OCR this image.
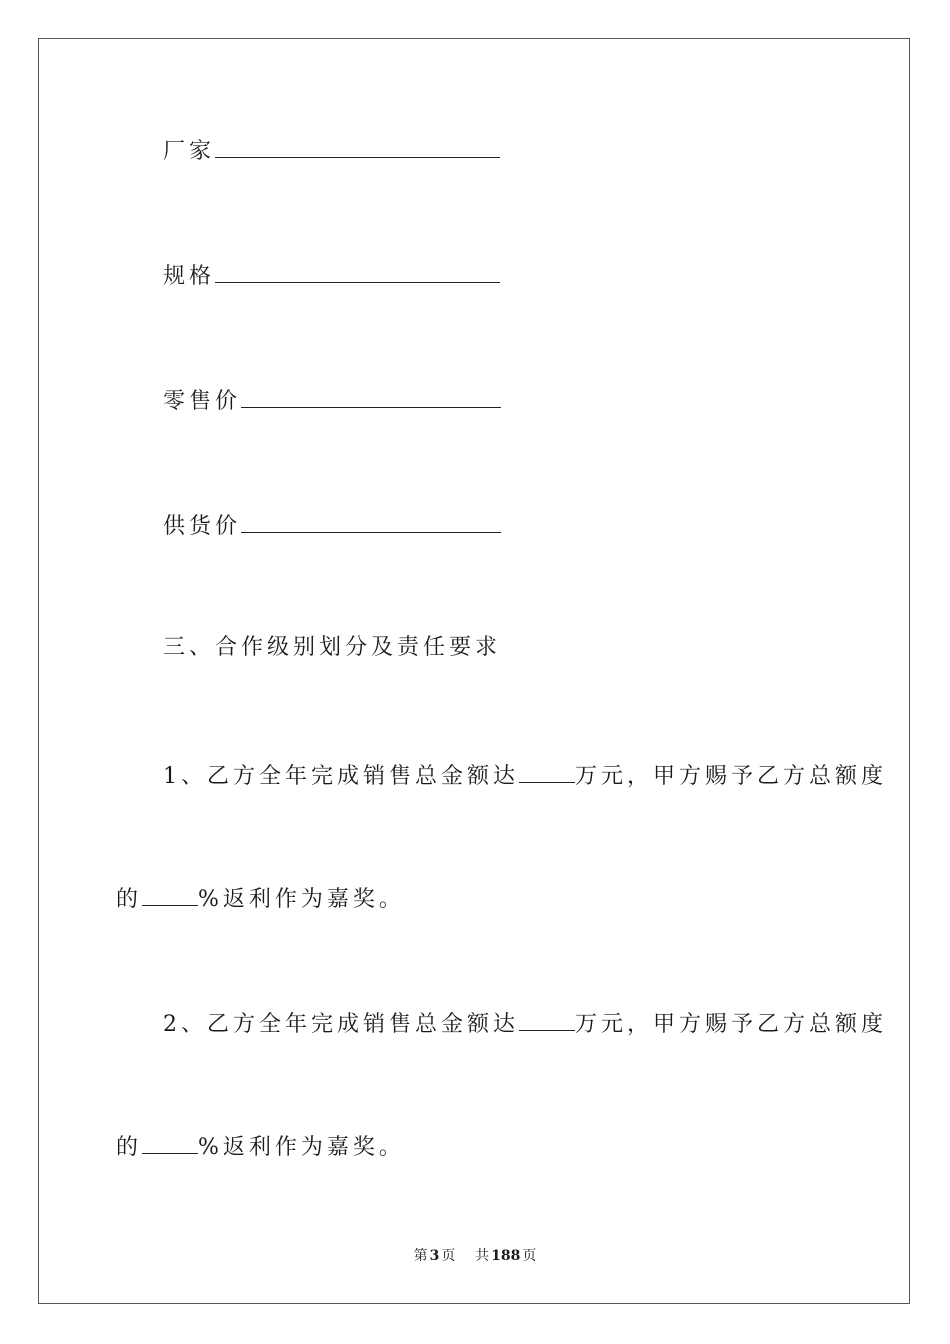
厂家
规格
零售价
供货价
三、合作级别划分及责任要求
1、乙方全年完成销售总金额达	万元，甲方赐予乙方总额度
的	%返利作为嘉奖。
2、乙方全年完成销售总金额达	万元，甲方赐予乙方总额度
的	%返利作为嘉奖。
第 3 页 共 188 页
